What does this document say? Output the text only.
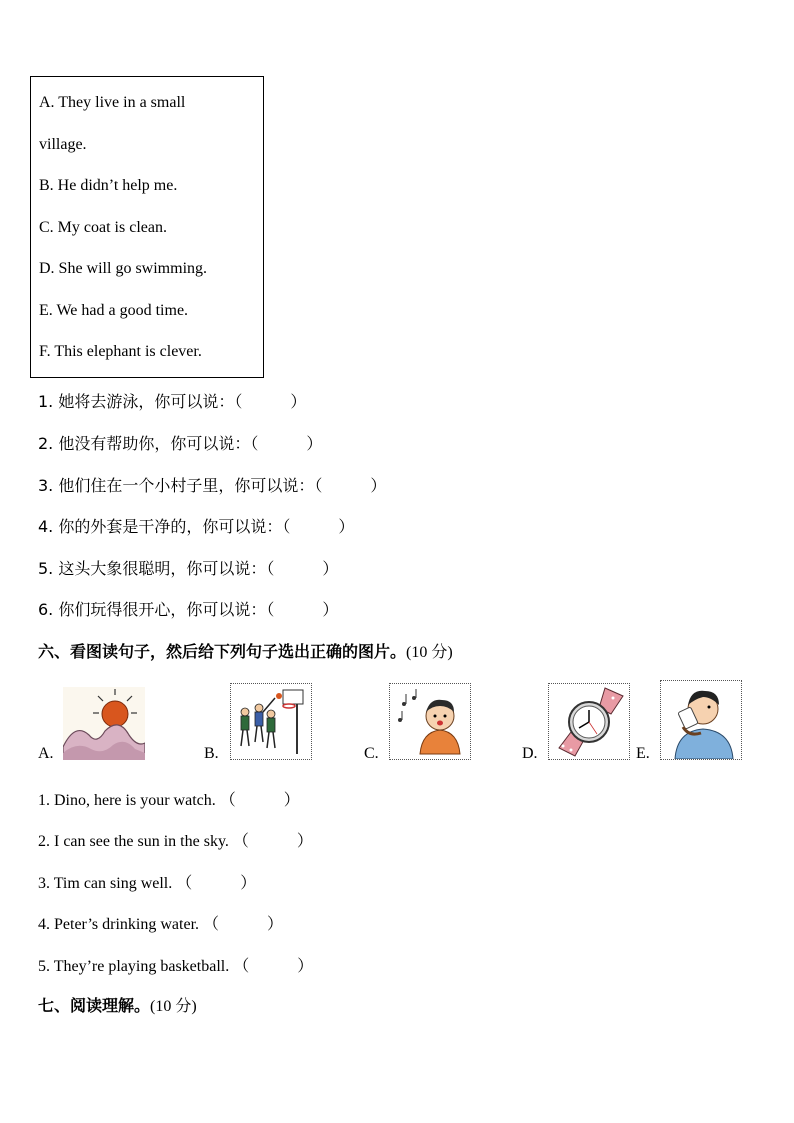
A. They live in a small
village.
B. He didn’t help me.
C. My coat is clean.
D. She will go swimming.
E. We had a good time.
F. This elephant is clever.
1. 她将去游泳，你可以说：（　　　）
2. 他没有帮助你，你可以说：（　　　）
3. 他们住在一个小村子里，你可以说：（　　　）
4. 你的外套是干净的，你可以说：（　　　）
5. 这头大象很聪明，你可以说：（　　　）
6. 你们玩得很开心，你可以说：（　　　）
六、看图读句子，然后给下列句子选出正确的图片。(10 分)
A.	B.	C.	D.	E.
1. Dino, here is your watch. （　　　）
2. I can see the sun in the sky. （　　　）
3. Tim can sing well. （　　　）
4. Peter’s drinking water. （　　　）
5. They’re playing basketball. （　　　）
七、阅读理解。(10 分)
